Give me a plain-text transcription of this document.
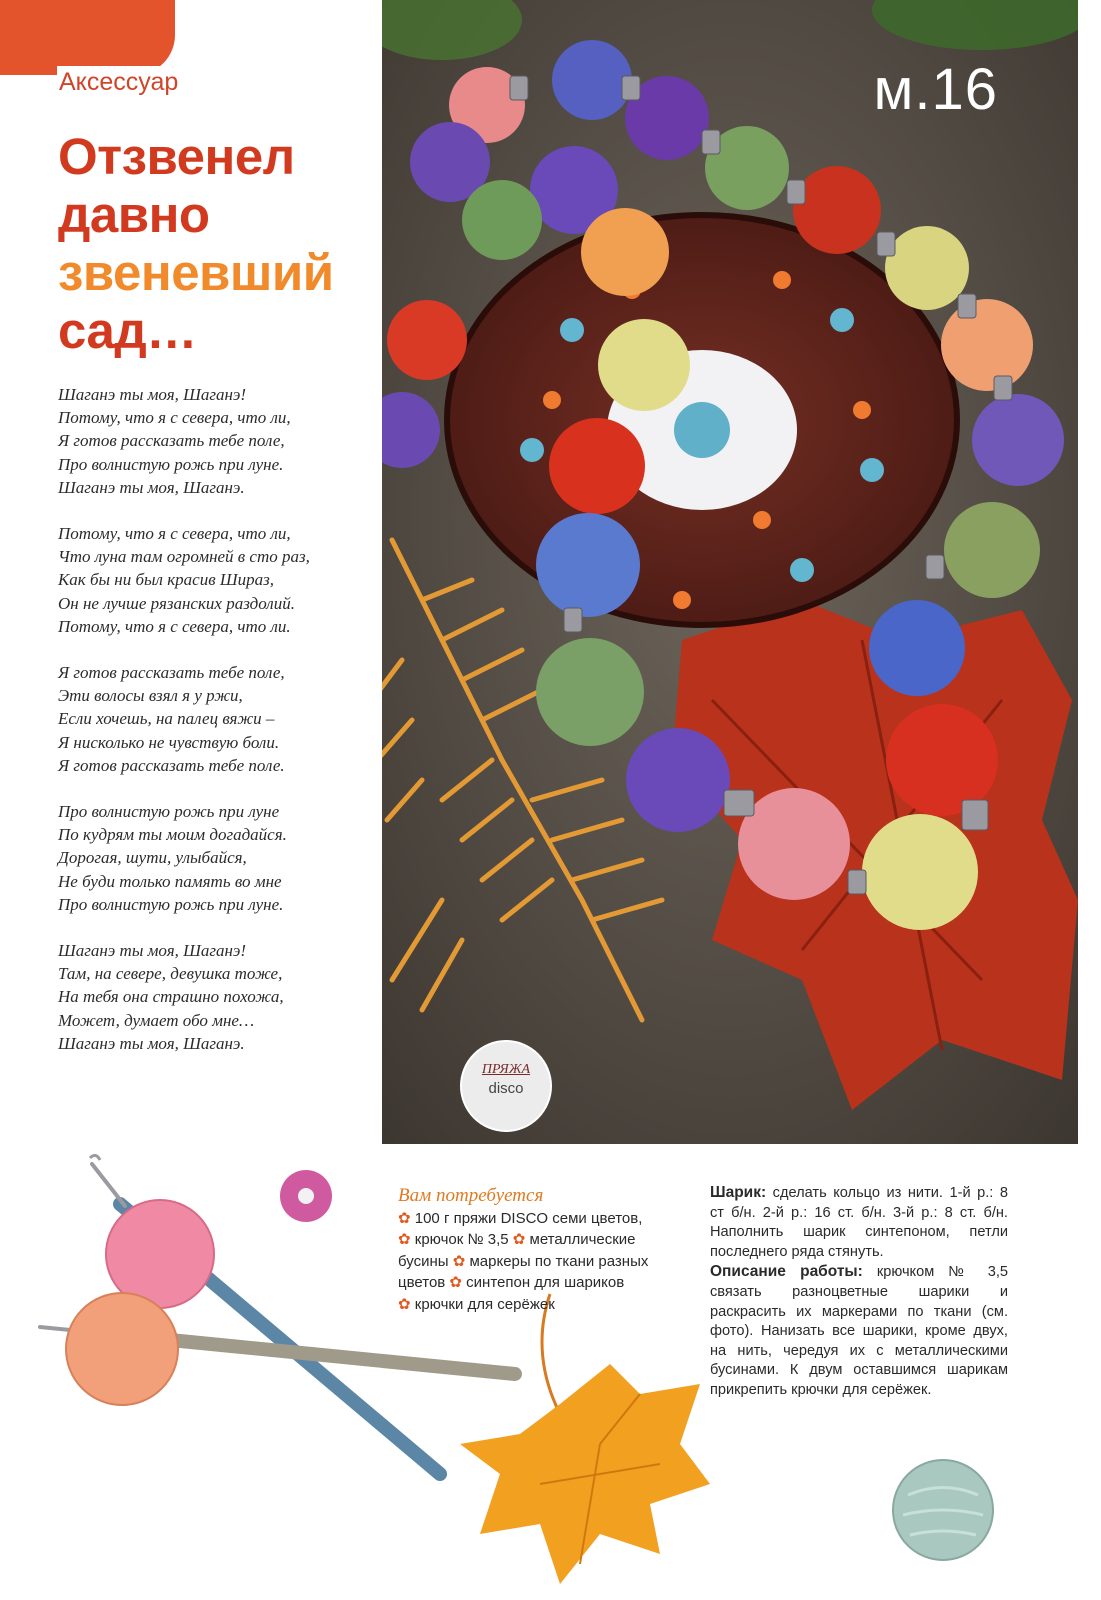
Аксессуар
Отзвенел
давно
звеневший
сад…
Шаганэ ты моя, Шаганэ!
Потому, что я с севера, что ли,
Я готов рассказать тебе поле,
Про волнистую рожь при луне.
Шаганэ ты моя, Шаганэ.
Потому, что я с севера, что ли,
Что луна там огромней в сто раз,
Как бы ни был красив Шираз,
Он не лучше рязанских раздолий.
Потому, что я с севера, что ли.
Я готов рассказать тебе поле,
Эти волосы взял я у ржи,
Если хочешь, на палец вяжи –
Я нисколько не чувствую боли.
Я готов рассказать тебе поле.
Про волнистую рожь при луне
По кудрям ты моим догадайся.
Дорогая, шути, улыбайся,
Не буди только память во мне
Про волнистую рожь при луне.
Шаганэ ты моя, Шаганэ!
Там, на севере, девушка тоже,
На тебя она страшно похожа,
Может, думает обо мне…
Шаганэ ты моя, Шаганэ.
м.16
ПРЯЖА
disco
Вам потребуется
✿ 100 г пряжи DISCO семи цветов,
✿ крючок № 3,5 ✿ металлические
бусины ✿ маркеры по ткани разных
цветов ✿ синтепон для шариков
✿ крючки для серёжек

Шарик: сделать кольцо из нити. 1-й р.: 8 ст б/н. 2-й р.: 16 ст. б/н. 3-й р.: 8 ст. б/н. Наполнить шарик синтепоном, петли последнего ряда стянуть.

Описание работы: крючком № 3,5 связать разноцветные шарики и раскрасить их маркерами по ткани (см. фото). Нанизать все шарики, кроме двух, на нить, чередуя их с металлическими бусинами. К двум оставшимся шарикам прикрепить крючки для серёжек.
